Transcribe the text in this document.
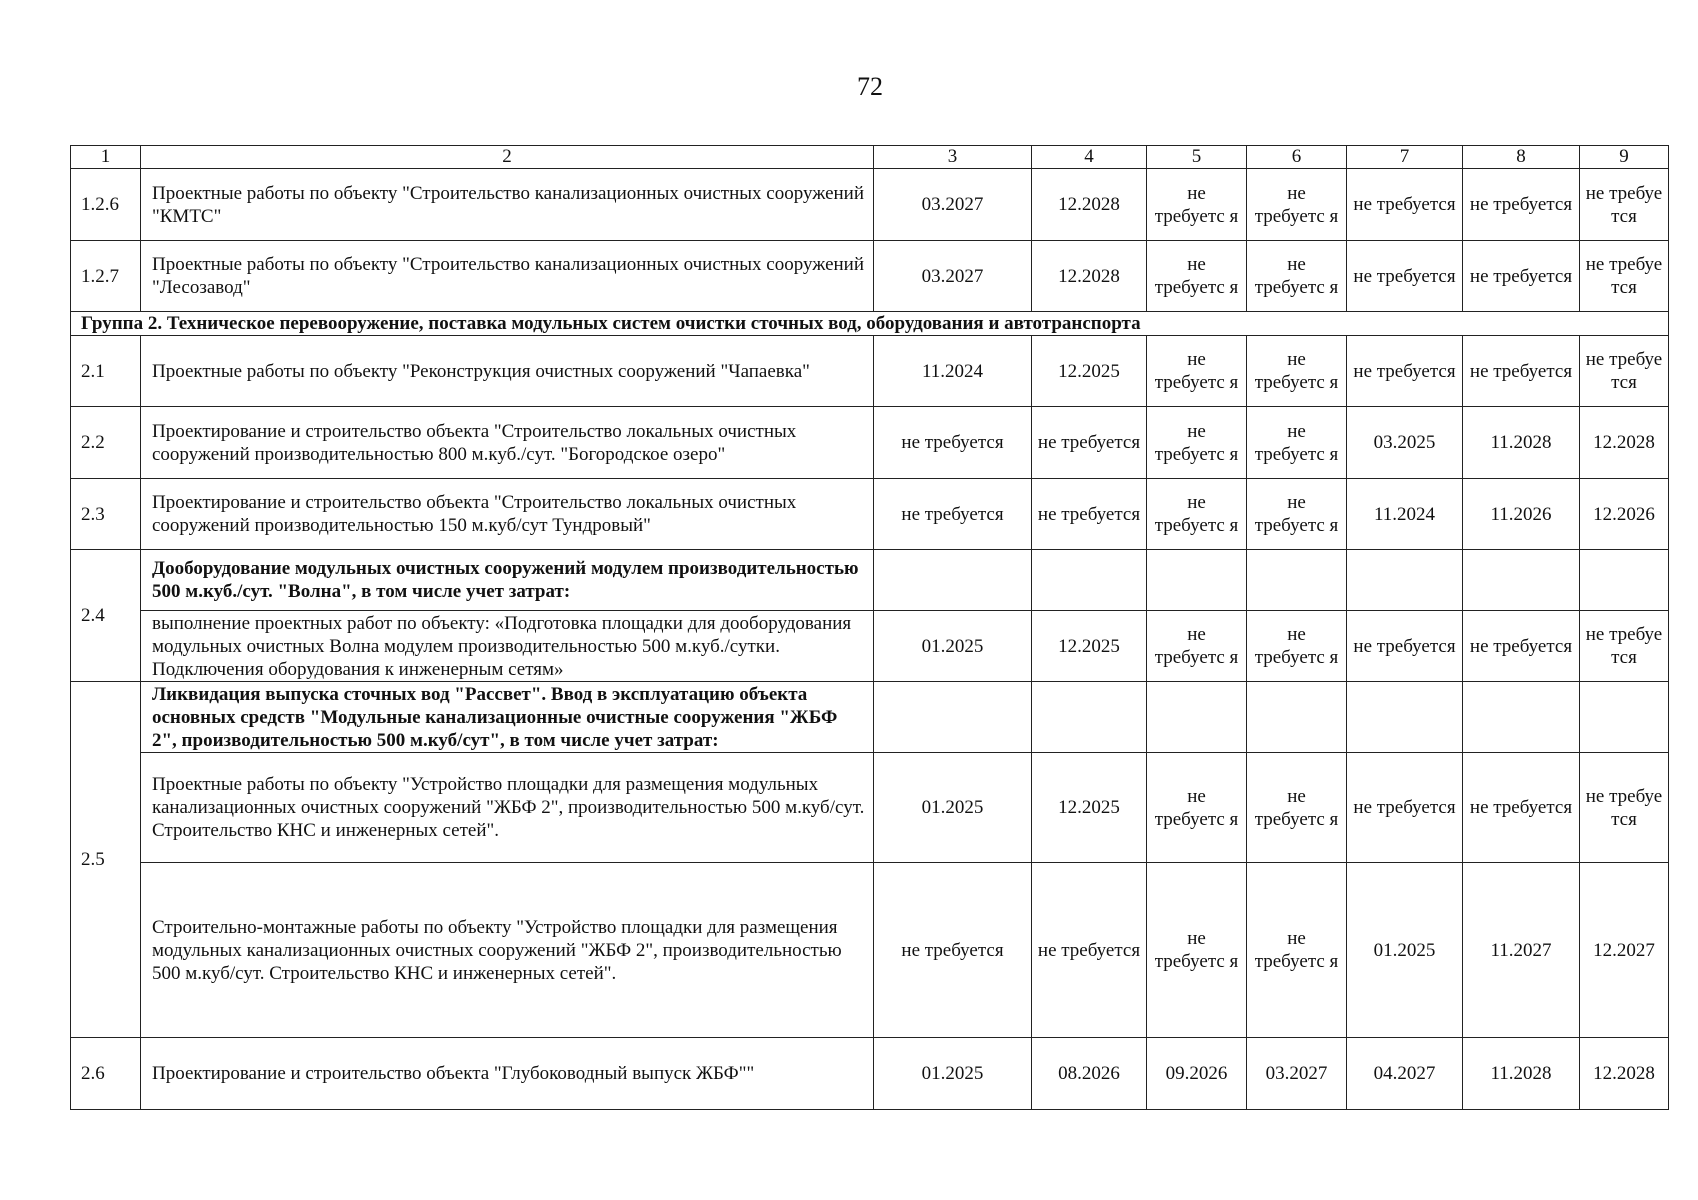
72
1	2	3	4	5	6	7	8	9
1.2.6	Проектные работы по объекту "Строительство канализационных очистных сооружений "КМТС"	03.2027	12.2028	не требуетс я	не требуетс я	не требуется	не требуется	не требуе тся
1.2.7	Проектные работы по объекту "Строительство канализационных очистных сооружений "Лесозавод"	03.2027	12.2028	не требуетс я	не требуетс я	не требуется	не требуется	не требуе тся
Группа 2. Техническое перевооружение, поставка модульных систем очистки сточных вод, оборудования и автотранспорта								
2.1	Проектные работы по объекту "Реконструкция очистных сооружений "Чапаевка"	11.2024	12.2025	не требуетс я	не требуетс я	не требуется	не требуется	не требуе тся
2.2	Проектирование и строительство объекта "Строительство локальных очистных сооружений производительностью 800 м.куб./сут. "Богородское озеро"	не требуется	не требуется	не требуетс я	не требуетс я	03.2025	11.2028	12.2028
2.3	Проектирование и строительство объекта "Строительство локальных очистных сооружений производительностью 150 м.куб/сут Тундровый"	не требуется	не требуется	не требуетс я	не требуетс я	11.2024	11.2026	12.2026
2.4	Дооборудование модульных очистных сооружений модулем производительностью 500 м.куб./сут. "Волна", в том числе учет затрат:							
	выполнение проектных работ по объекту: «Подготовка площадки для дооборудования модульных очистных Волна модулем производительностью 500 м.куб./сутки. Подключения оборудования к инженерным сетям»	01.2025	12.2025	не требуетс я	не требуетс я	не требуется	не требуется	не требуе тся
2.5	Ликвидация выпуска сточных вод "Рассвет". Ввод в эксплуатацию объекта основных средств "Модульные канализационные очистные сооружения "ЖБФ 2", производительностью 500 м.куб/сут", в том числе учет затрат:							
	Проектные работы по объекту "Устройство площадки для размещения модульных канализационных очистных сооружений "ЖБФ 2", производительностью 500 м.куб/сут. Строительство КНС и инженерных сетей".	01.2025	12.2025	не требуетс я	не требуетс я	не требуется	не требуется	не требуе тся
	Строительно-монтажные работы по объекту "Устройство площадки для размещения модульных канализационных очистных сооружений "ЖБФ 2", производительностью 500 м.куб/сут. Строительство КНС и инженерных сетей".	не требуется	не требуется	не требуетс я	не требуетс я	01.2025	11.2027	12.2027
2.6	Проектирование и строительство объекта "Глубоководный выпуск ЖБФ""	01.2025	08.2026	09.2026	03.2027	04.2027	11.2028	12.2028
